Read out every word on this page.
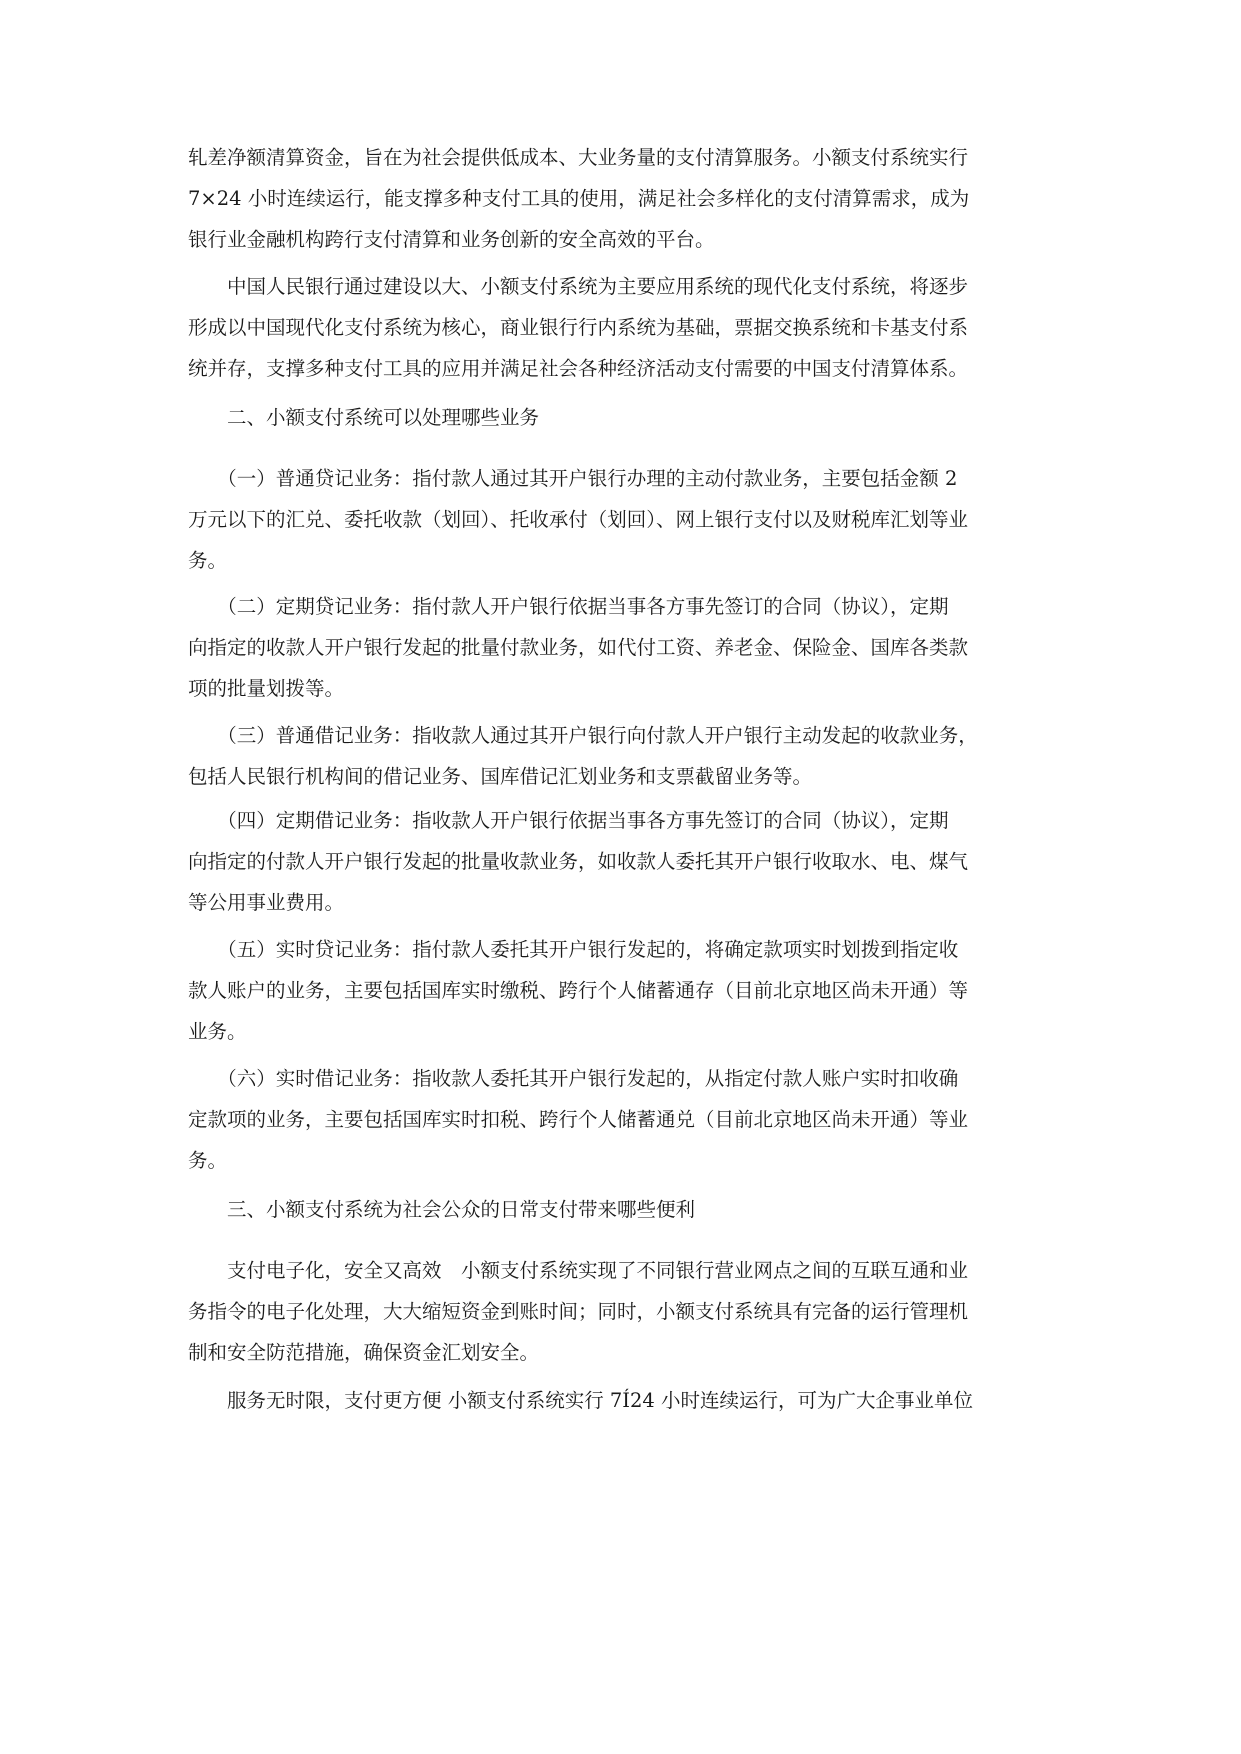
轧差净额清算资金，旨在为社会提供低成本、大业务量的支付清算服务。小额支付系统实行
7×24 小时连续运行，能支撑多种支付工具的使用，满足社会多样化的支付清算需求，成为
银行业金融机构跨行支付清算和业务创新的安全高效的平台。
　　中国人民银行通过建设以大、小额支付系统为主要应用系统的现代化支付系统，将逐步
形成以中国现代化支付系统为核心，商业银行行内系统为基础，票据交换系统和卡基支付系
统并存，支撑多种支付工具的应用并满足社会各种经济活动支付需要的中国支付清算体系。
　　二、小额支付系统可以处理哪些业务
　　（一）普通贷记业务：指付款人通过其开户银行办理的主动付款业务，主要包括金额 2
万元以下的汇兑、委托收款（划回）、托收承付（划回）、网上银行支付以及财税库汇划等业
务。
　　（二）定期贷记业务：指付款人开户银行依据当事各方事先签订的合同（协议），定期
向指定的收款人开户银行发起的批量付款业务，如代付工资、养老金、保险金、国库各类款
项的批量划拨等。
　　（三）普通借记业务：指收款人通过其开户银行向付款人开户银行主动发起的收款业务，
包括人民银行机构间的借记业务、国库借记汇划业务和支票截留业务等。
　　（四）定期借记业务：指收款人开户银行依据当事各方事先签订的合同（协议），定期
向指定的付款人开户银行发起的批量收款业务，如收款人委托其开户银行收取水、电、煤气
等公用事业费用。
　　（五）实时贷记业务：指付款人委托其开户银行发起的，将确定款项实时划拨到指定收
款人账户的业务，主要包括国库实时缴税、跨行个人储蓄通存（目前北京地区尚未开通）等
业务。
　　（六）实时借记业务：指收款人委托其开户银行发起的，从指定付款人账户实时扣收确
定款项的业务，主要包括国库实时扣税、跨行个人储蓄通兑（目前北京地区尚未开通）等业
务。
　　三、小额支付系统为社会公众的日常支付带来哪些便利
　　支付电子化，安全又高效　小额支付系统实现了不同银行营业网点之间的互联互通和业
务指令的电子化处理，大大缩短资金到账时间；同时，小额支付系统具有完备的运行管理机
制和安全防范措施，确保资金汇划安全。
　　服务无时限，支付更方便 小额支付系统实行 7Í24 小时连续运行，可为广大企事业单位
